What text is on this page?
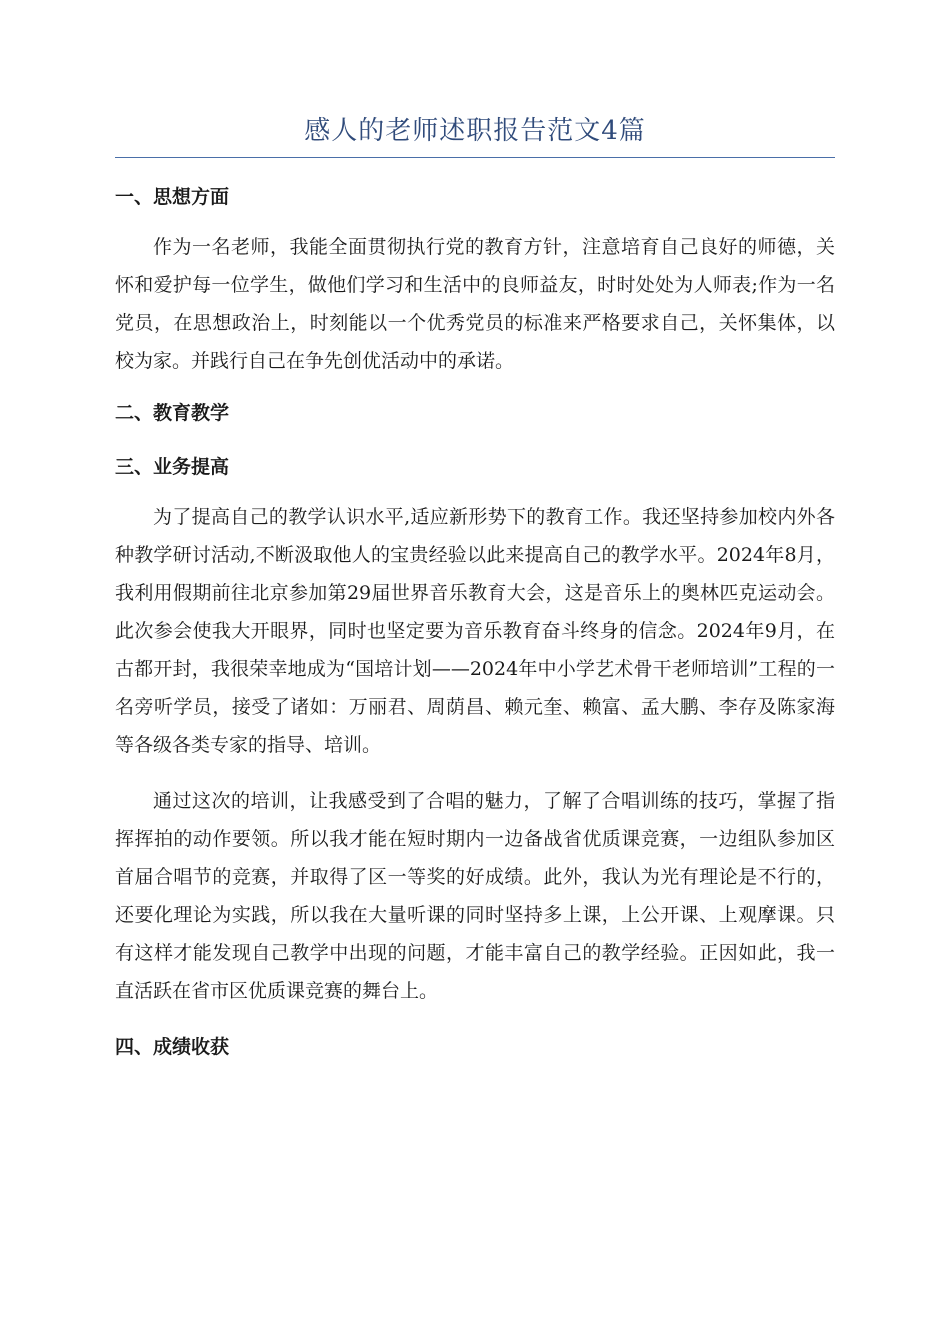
感人的老师述职报告范文4篇
一、思想方面

作为一名老师，我能全面贯彻执行党的教育方针，注意培育自己良好的师德，关怀和爱护每一位学生，做他们学习和生活中的良师益友，时时处处为人师表;作为一名党员，在思想政治上，时刻能以一个优秀党员的标准来严格要求自己，关怀集体，以校为家。并践行自己在争先创优活动中的承诺。

二、教育教学
三、业务提高

为了提高自己的教学认识水平,适应新形势下的教育工作。我还坚持参加校内外各种教学研讨活动,不断汲取他人的宝贵经验以此来提高自己的教学水平。2024年8月，我利用假期前往北京参加第29届世界音乐教育大会，这是音乐上的奥林匹克运动会。此次参会使我大开眼界，同时也坚定要为音乐教育奋斗终身的信念。2024年9月，在古都开封，我很荣幸地成为“国培计划——2024年中小学艺术骨干老师培训”工程的一名旁听学员，接受了诸如：万丽君、周荫昌、赖元奎、赖富、孟大鹏、李存及陈家海等各级各类专家的指导、培训。

通过这次的培训，让我感受到了合唱的魅力，了解了合唱训练的技巧，掌握了指挥挥拍的动作要领。所以我才能在短时期内一边备战省优质课竞赛，一边组队参加区首届合唱节的竞赛，并取得了区一等奖的好成绩。此外，我认为光有理论是不行的，还要化理论为实践，所以我在大量听课的同时坚持多上课，上公开课、上观摩课。只有这样才能发现自己教学中出现的问题，才能丰富自己的教学经验。正因如此，我一直活跃在省市区优质课竞赛的舞台上。

四、成绩收获
